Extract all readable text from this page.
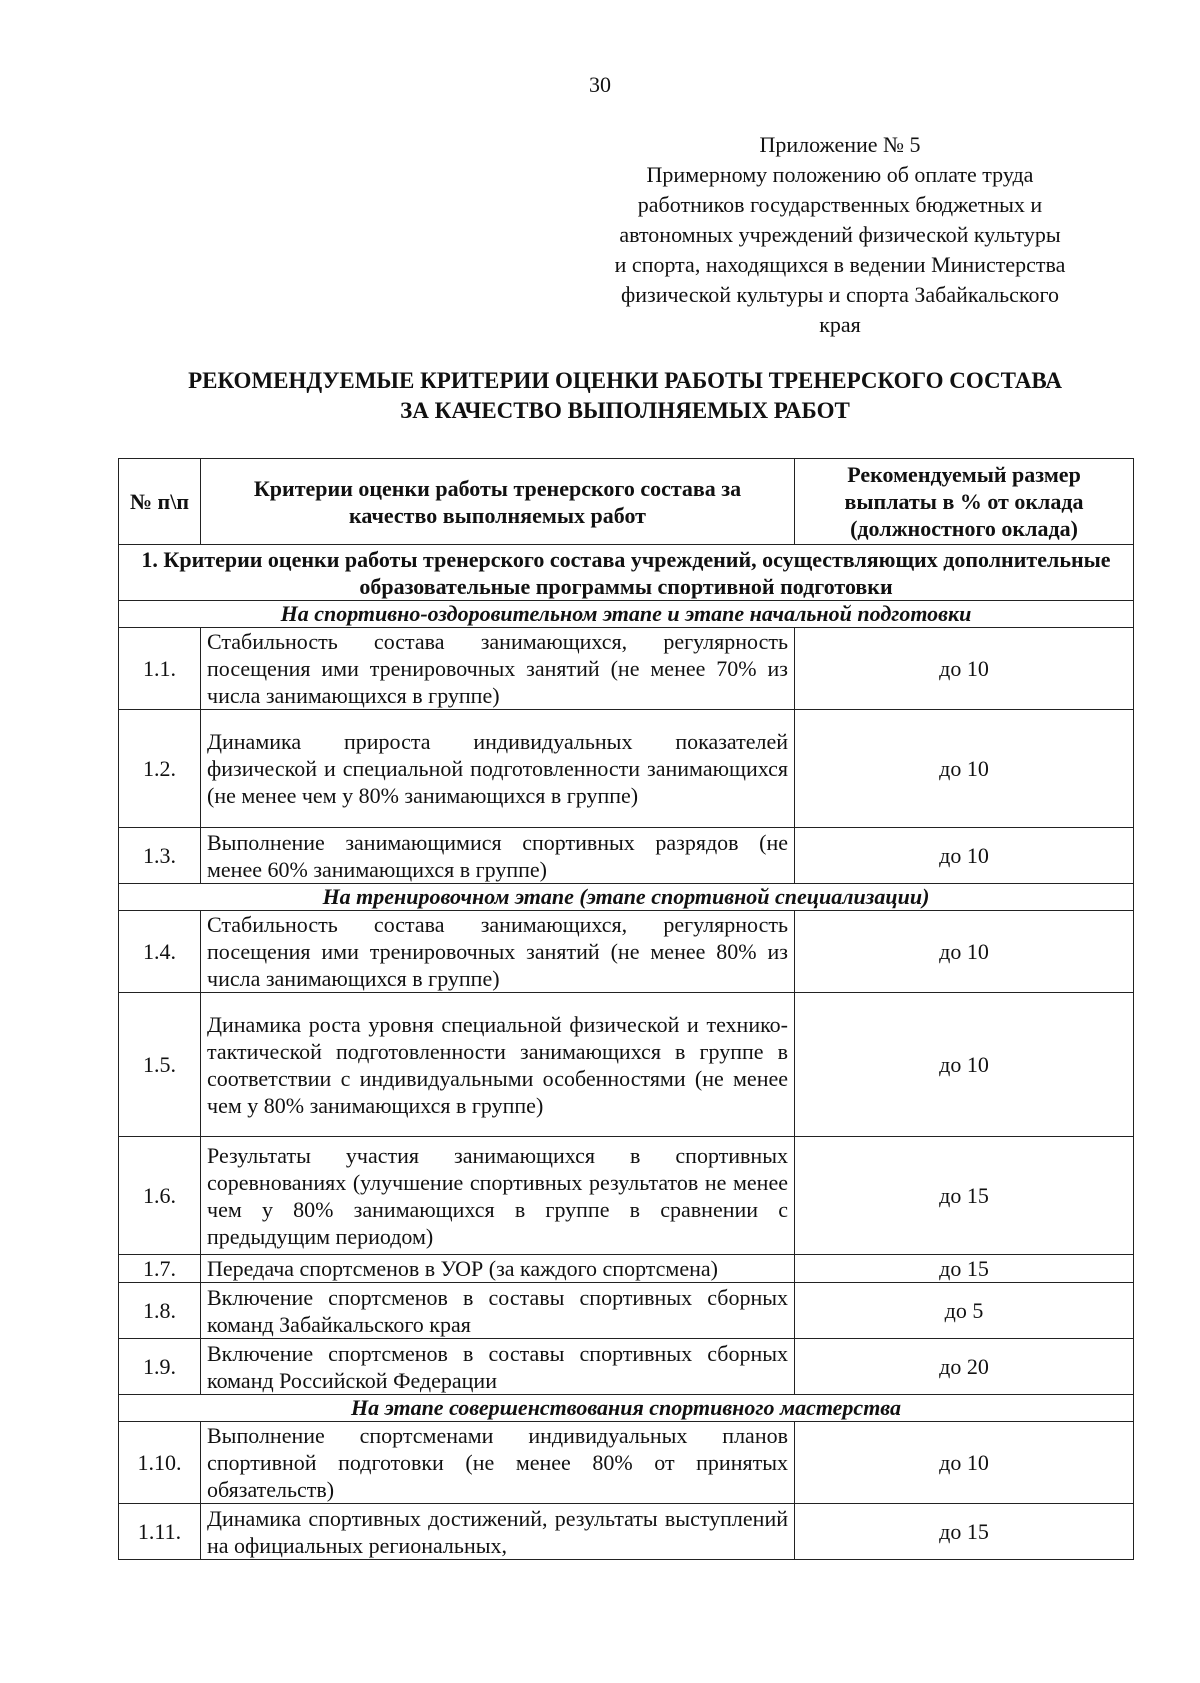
30
Приложение № 5
Примерному положению об оплате труда
работников государственных бюджетных и
автономных учреждений физической культуры
и спорта, находящихся в ведении Министерства
физической культуры и спорта Забайкальского
края
РЕКОМЕНДУЕМЫЕ КРИТЕРИИ ОЦЕНКИ РАБОТЫ ТРЕНЕРСКОГО СОСТАВА
ЗА КАЧЕСТВО ВЫПОЛНЯЕМЫХ РАБОТ
№ п\п	Критерии оценки работы тренерского состава за качество выполняемых работ	Рекомендуемый размер выплаты в % от оклада (должностного оклада)
1. Критерии оценки работы тренерского состава учреждений, осуществляющих дополнительные образовательные программы спортивной подготовки		
На спортивно-оздоровительном этапе и этапе начальной подготовки		
1.1.	Стабильность состава занимающихся, регулярность посещения ими тренировочных занятий (не менее 70% из числа занимающихся в группе)	до 10
1.2.	Динамика прироста индивидуальных показателей физической и специальной подготовленности занимающихся (не менее чем у 80% занимающихся в группе)	до 10
1.3.	Выполнение занимающимися спортивных разрядов (не менее 60% занимающихся в группе)	до 10
На тренировочном этапе (этапе спортивной специализации)		
1.4.	Стабильность состава занимающихся, регулярность посещения ими тренировочных занятий (не менее 80% из числа занимающихся в группе)	до 10
1.5.	Динамика роста уровня специальной физической и технико-тактической подготовленности занимающихся в группе в соответствии с индивидуальными особенностями (не менее чем у 80% занимающихся в группе)	до 10
1.6.	Результаты участия занимающихся в спортивных соревнованиях (улучшение спортивных результатов не менее чем у 80% занимающихся в группе в сравнении с предыдущим периодом)	до 15
1.7.	Передача спортсменов в УОР (за каждого спортсмена)	до 15
1.8.	Включение спортсменов в составы спортивных сборных команд Забайкальского края	до 5
1.9.	Включение спортсменов в составы спортивных сборных команд Российской Федерации	до 20
На этапе совершенствования спортивного мастерства		
1.10.	Выполнение спортсменами индивидуальных планов спортивной подготовки (не менее 80% от принятых обязательств)	до 10
1.11.	Динамика спортивных достижений, результаты выступлений на официальных региональных,	до 15
